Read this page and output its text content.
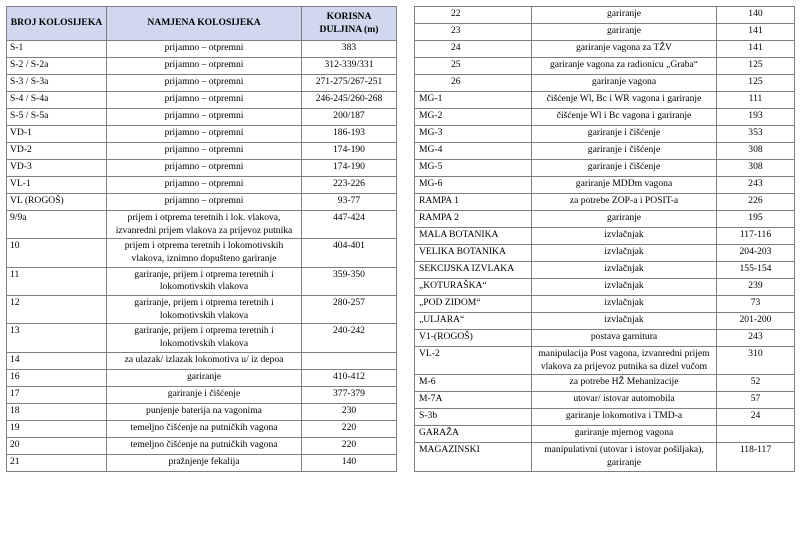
BROJ KOLOSIJEKA	NAMJENA KOLOSIJEKA	KORISNA DULJINA (m)
S-1	prijamno – otpremni	383
S-2 / S-2a	prijamno – otpremni	312-339/331
S-3 / S-3a	prijamno – otpremni	271-275/267-251
S-4 / S-4a	prijamno – otpremni	246-245/260-268
S-5 / S-5a	prijamno – otpremni	200/187
VD-1	prijamno – otpremni	186-193
VD-2	prijamno – otpremni	174-190
VD-3	prijamno – otpremni	174-190
VL-1	prijamno – otpremni	223-226
VL (ROGOŠ)	prijamno – otpremni	93-77
9/9a	prijem i otprema teretnih i lok. vlakova, izvanredni prijem vlakova za prijevoz putnika	447-424
10	prijem i otprema teretnih i lokomotivskih vlakova, iznimno dopušteno gariranje	404-401
11	gariranje, prijem i otprema teretnih i lokomotivskih vlakova	359-350
12	gariranje, prijem i otprema teretnih i lokomotivskih vlakova	280-257
13	gariranje, prijem i otprema teretnih i lokomotivskih vlakova	240-242
14	za ulazak/ izlazak lokomotiva u/ iz depoa	
16	gariranje	410-412
17	gariranje i čišćenje	377-379
18	punjenje baterija na vagonima	230
19	temeljno čišćenje na putničkih vagona	220
20	temeljno čišćenje na putničkih vagona	220
21	pražnjenje fekalija	140
22	gariranje	140
23	gariranje	141
24	gariranje vagona za TŽV	141
25	gariranje vagona za radionicu „Graba“	125
26	gariranje vagona	125
MG-1	čišćenje Wl, Bc i WR vagona i gariranje	111
MG-2	čišćenje Wl i Bc vagona i gariranje	193
MG-3	gariranje i čišćenje	353
MG-4	gariranje i čišćenje	308
MG-5	gariranje i čišćenje	308
MG-6	gariranje MDDm vagona	243
RAMPA 1	za potrebe ZOP-a i POSIT-a	226
RAMPA 2	gariranje	195
MALA BOTANIKA	izvlačnjak	117-116
VELIKA BOTANIKA	izvlačnjak	204-203
SEKCIJSKA IZVLAKA	izvlačnjak	155-154
„KOTURAŠKA“	izvlačnjak	239
„POD ZIDOM“	izvlačnjak	73
„ULJARA“	izvlačnjak	201-200
V1-(ROGOŠ)	postava garnitura	243
VL-2	manipulacija Post vagona, izvanredni prijem vlakova za prijevoz putnika sa dizel vučom	310
M-6	za potrebe HŽ Mehanizacije	52
M-7A	utovar/ istovar automobila	57
S-3b	gariranje lokomotiva i TMD-a	24
GARAŽA	gariranje mjernog vagona	
MAGAZINSKI	manipulativni (utovar i istovar pošiljaka), gariranje	118-117
